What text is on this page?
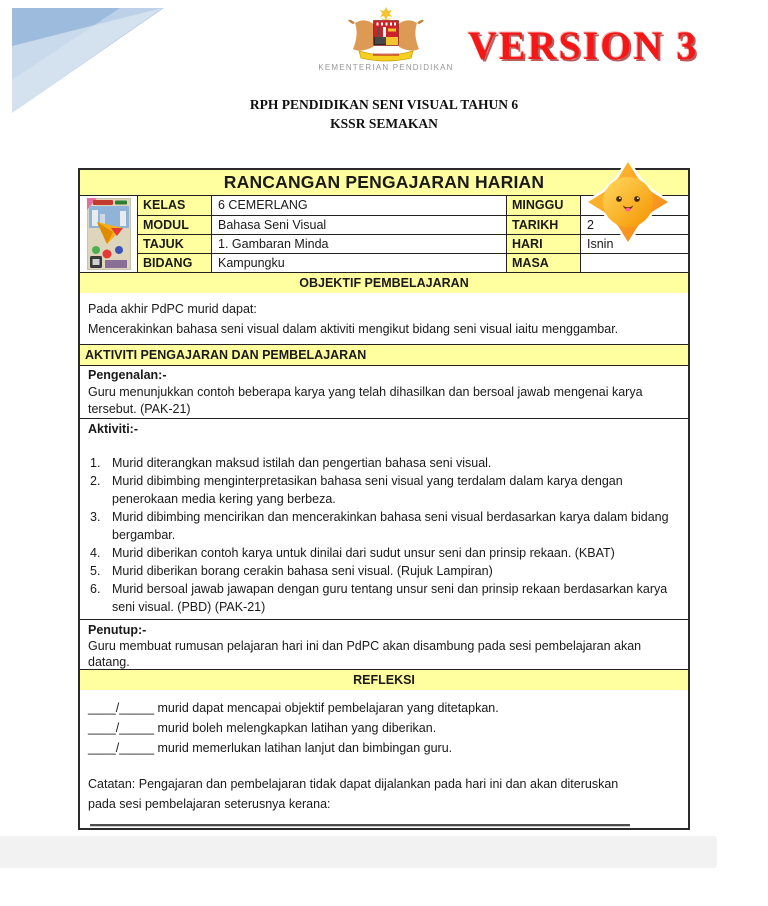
KEMENTERIAN PENDIDIKAN VERSION 3
RPH PENDIDIKAN SENI VISUAL TAHUN 6
KSSR SEMAKAN
RANCANGAN PENGAJARAN HARIAN
KELAS	6 CEMERLANG	MINGGU
MODUL	Bahasa Seni Visual	TARIKH	2
TAJUK	1. Gambaran Minda	HARI	Isnin
BIDANG	Kampungku	MASA
OBJEKTIF PEMBELAJARAN
Pada akhir PdPC murid dapat:
Mencerakinkan bahasa seni visual dalam aktiviti mengikut bidang seni visual iaitu menggambar.
AKTIVITI PENGAJARAN DAN PEMBELAJARAN
Pengenalan:-
Guru menunjukkan contoh beberapa karya yang telah dihasilkan dan bersoal jawab mengenai karya tersebut. (PAK-21)
Aktiviti:-
1. Murid diterangkan maksud istilah dan pengertian bahasa seni visual.
2. Murid dibimbing menginterpretasikan bahasa seni visual yang terdalam dalam karya dengan penerokaan media kering yang berbeza.
3. Murid dibimbing mencirikan dan mencerakinkan bahasa seni visual berdasarkan karya dalam bidang bergambar.
4. Murid diberikan contoh karya untuk dinilai dari sudut unsur seni dan prinsip rekaan. (KBAT)
5. Murid diberikan borang cerakin bahasa seni visual. (Rujuk Lampiran)
6. Murid bersoal jawab jawapan dengan guru tentang unsur seni dan prinsip rekaan berdasarkan karya seni visual. (PBD) (PAK-21)
Penutup:-
Guru membuat rumusan pelajaran hari ini dan PdPC akan disambung pada sesi pembelajaran akan datang.
REFLEKSI
____/_____ murid dapat mencapai objektif pembelajaran yang ditetapkan.
____/_____ murid boleh melengkapkan latihan yang diberikan.
____/_____ murid memerlukan latihan lanjut dan bimbingan guru.
Catatan: Pengajaran dan pembelajaran tidak dapat dijalankan pada hari ini dan akan diteruskan pada sesi pembelajaran seterusnya kerana:
